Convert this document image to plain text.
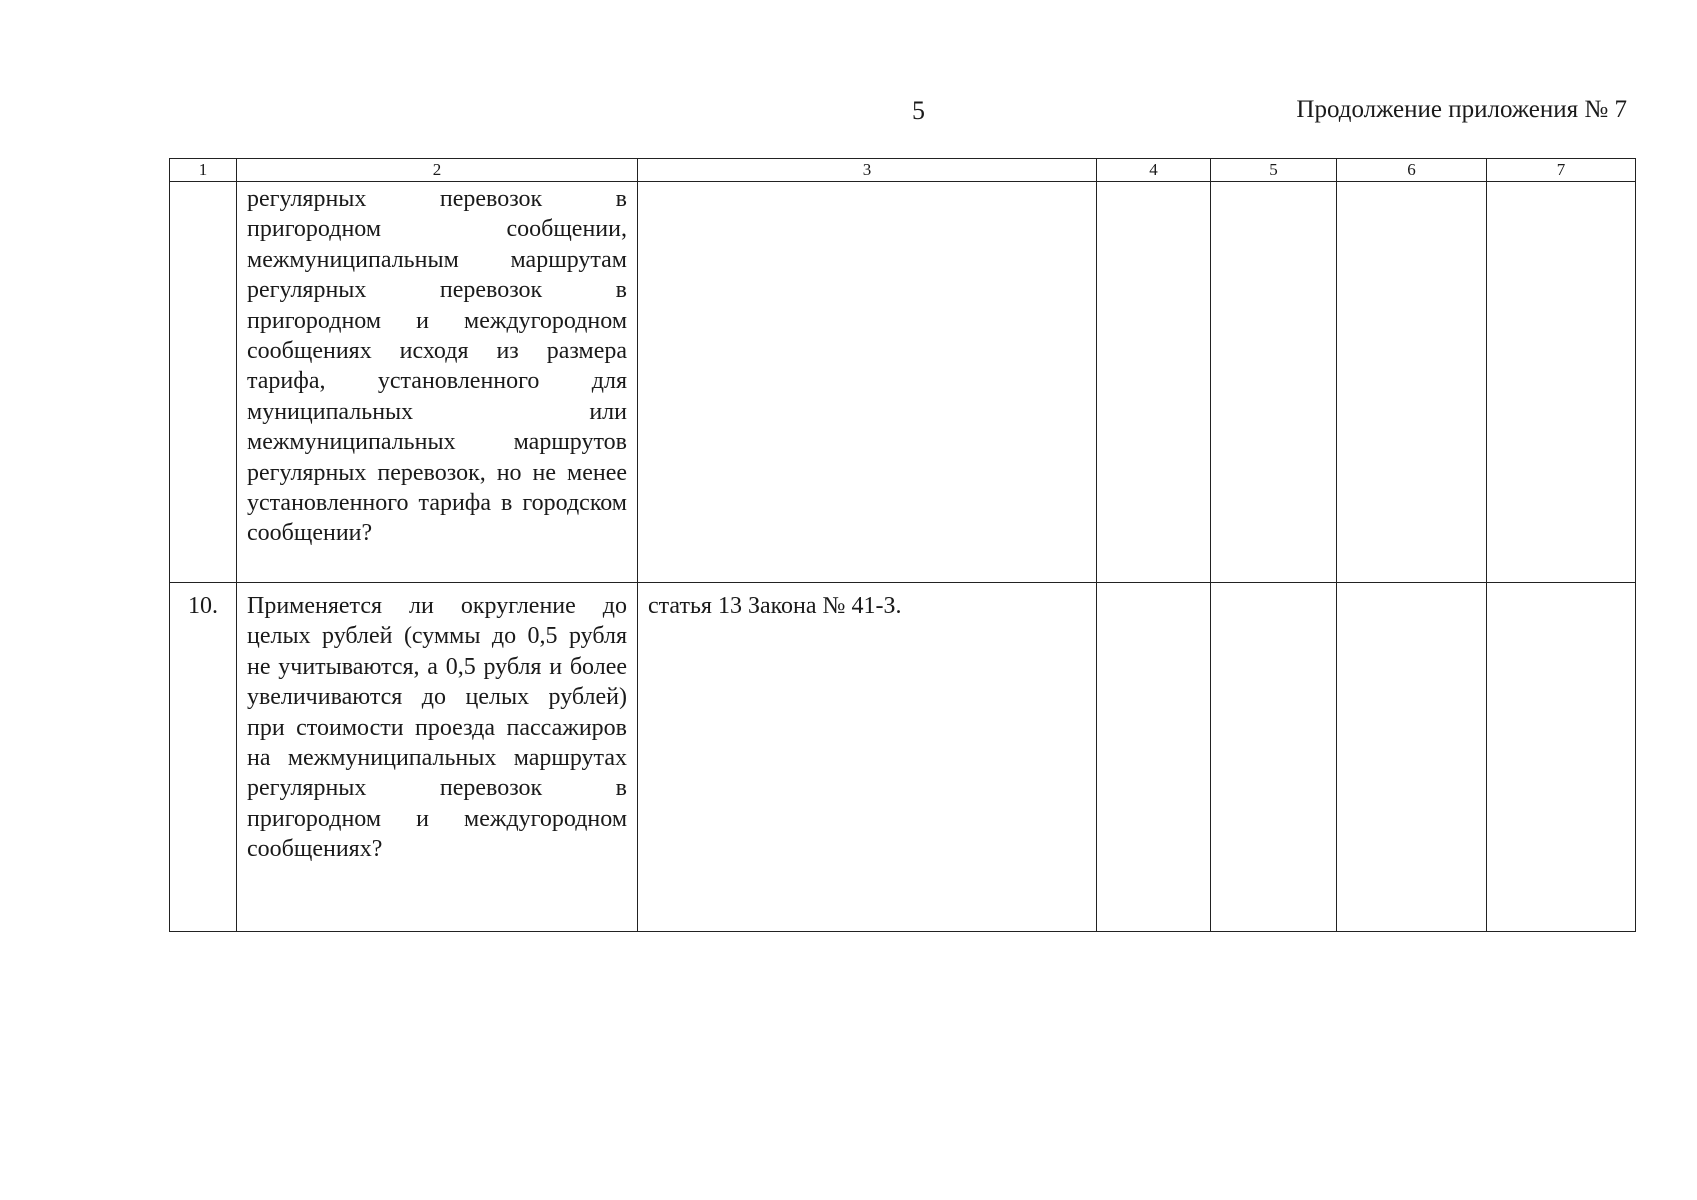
5	Продолжение приложения № 7
1	2	3	4	5	6	7

	регулярных перевозок в пригородном сообщении, межмуниципальным маршрутам регулярных перевозок в пригородном и междугородном сообщениях исходя из размера тарифа, установленного для муниципальных или межмуниципальных маршрутов регулярных перевозок, но не менее установленного тарифа в городском сообщении?					

10.	Применяется ли округление до целых рублей (суммы до 0,5 рубля не учитываются, а 0,5 рубля и более увеличиваются до целых рублей) при стоимости проезда пассажиров на межмуниципальных маршрутах регулярных перевозок в пригородном и междугородном сообщениях?	статья 13 Закона № 41-З.				
